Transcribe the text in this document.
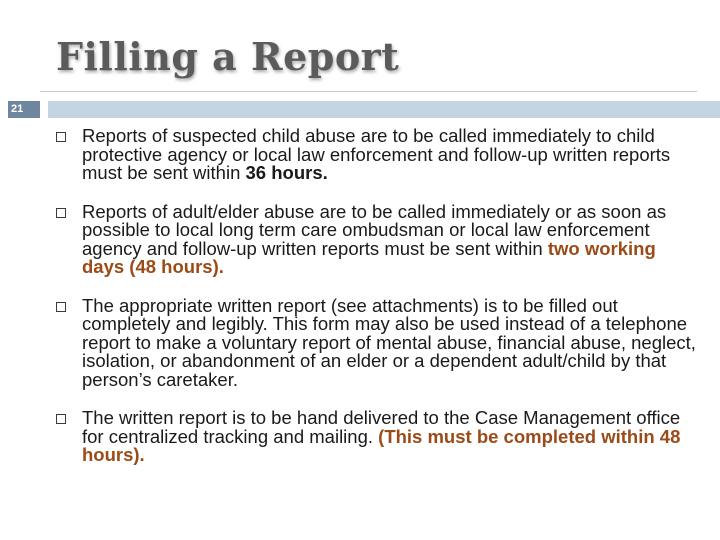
Filling a Report
21
Reports of suspected child abuse are to be called immediately to child protective agency or local law enforcement and follow-up written reports must be sent within 36 hours.
Reports of adult/elder abuse are to be called immediately or as soon as possible to local long term care ombudsman or local law enforcement agency and follow-up written reports must be sent within two working days (48 hours).
The appropriate written report (see attachments) is to be filled out completely and legibly. This form may also be used instead of a telephone report to make a voluntary report of mental abuse, financial abuse, neglect, isolation, or abandonment of an elder or a dependent adult/child by that person’s caretaker.
The written report is to be hand delivered to the Case Management office for centralized tracking and mailing. (This must be completed within 48 hours).
